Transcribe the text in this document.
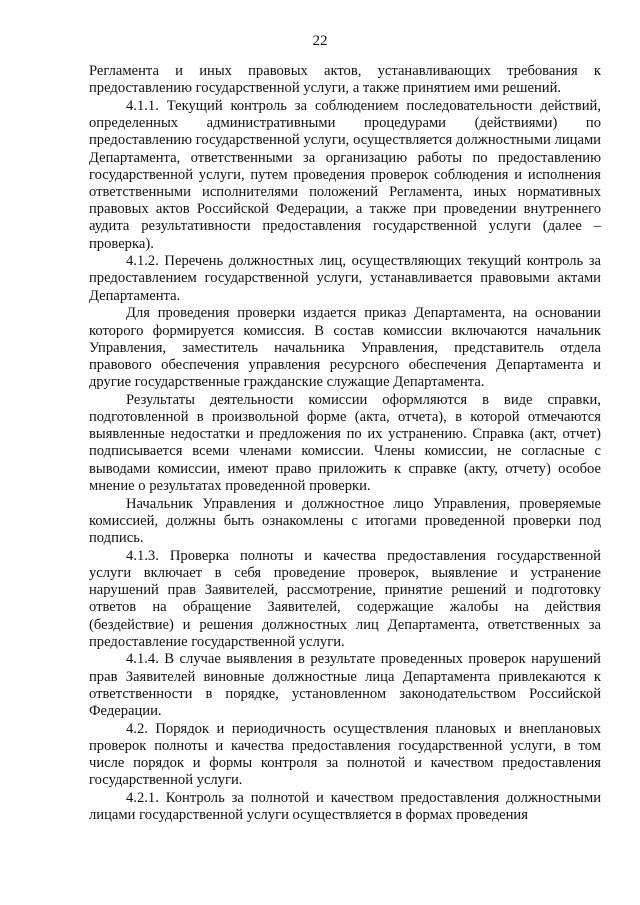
22

Регламента и иных правовых актов, устанавливающих требования к предоставлению государственной услуги, а также принятием ими решений.

4.1.1. Текущий контроль за соблюдением последовательности действий, определенных административными процедурами (действиями) по предоставлению государственной услуги, осуществляется должностными лицами Департамента, ответственными за организацию работы по предоставлению государственной услуги, путем проведения проверок соблюдения и исполнения ответственными исполнителями положений Регламента, иных нормативных правовых актов Российской Федерации, а также при проведении внутреннего аудита результативности предоставления государственной услуги (далее – проверка).

4.1.2. Перечень должностных лиц, осуществляющих текущий контроль за предоставлением государственной услуги, устанавливается правовыми актами Департамента.

Для проведения проверки издается приказ Департамента, на основании которого формируется комиссия. В состав комиссии включаются начальник Управления, заместитель начальника Управления, представитель отдела правового обеспечения управления ресурсного обеспечения Департамента и другие государственные гражданские служащие Департамента.

Результаты деятельности комиссии оформляются в виде справки, подготовленной в произвольной форме (акта, отчета), в которой отмечаются выявленные недостатки и предложения по их устранению. Справка (акт, отчет) подписывается всеми членами комиссии. Члены комиссии, не согласные с выводами комиссии, имеют право приложить к справке (акту, отчету) особое мнение о результатах проведенной проверки.

Начальник Управления и должностное лицо Управления, проверяемые комиссией, должны быть ознакомлены с итогами проведенной проверки под подпись.

4.1.3. Проверка полноты и качества предоставления государственной услуги включает в себя проведение проверок, выявление и устранение нарушений прав Заявителей, рассмотрение, принятие решений и подготовку ответов на обращение Заявителей, содержащие жалобы на действия (бездействие) и решения должностных лиц Департамента, ответственных за предоставление государственной услуги.

4.1.4. В случае выявления в результате проведенных проверок нарушений прав Заявителей виновные должностные лица Департамента привлекаются к ответственности в порядке, установленном законодательством Российской Федерации.

4.2. Порядок и периодичность осуществления плановых и внеплановых проверок полноты и качества предоставления государственной услуги, в том числе порядок и формы контроля за полнотой и качеством предоставления государственной услуги.

4.2.1. Контроль за полнотой и качеством предоставления должностными лицами государственной услуги осуществляется в формах проведения
